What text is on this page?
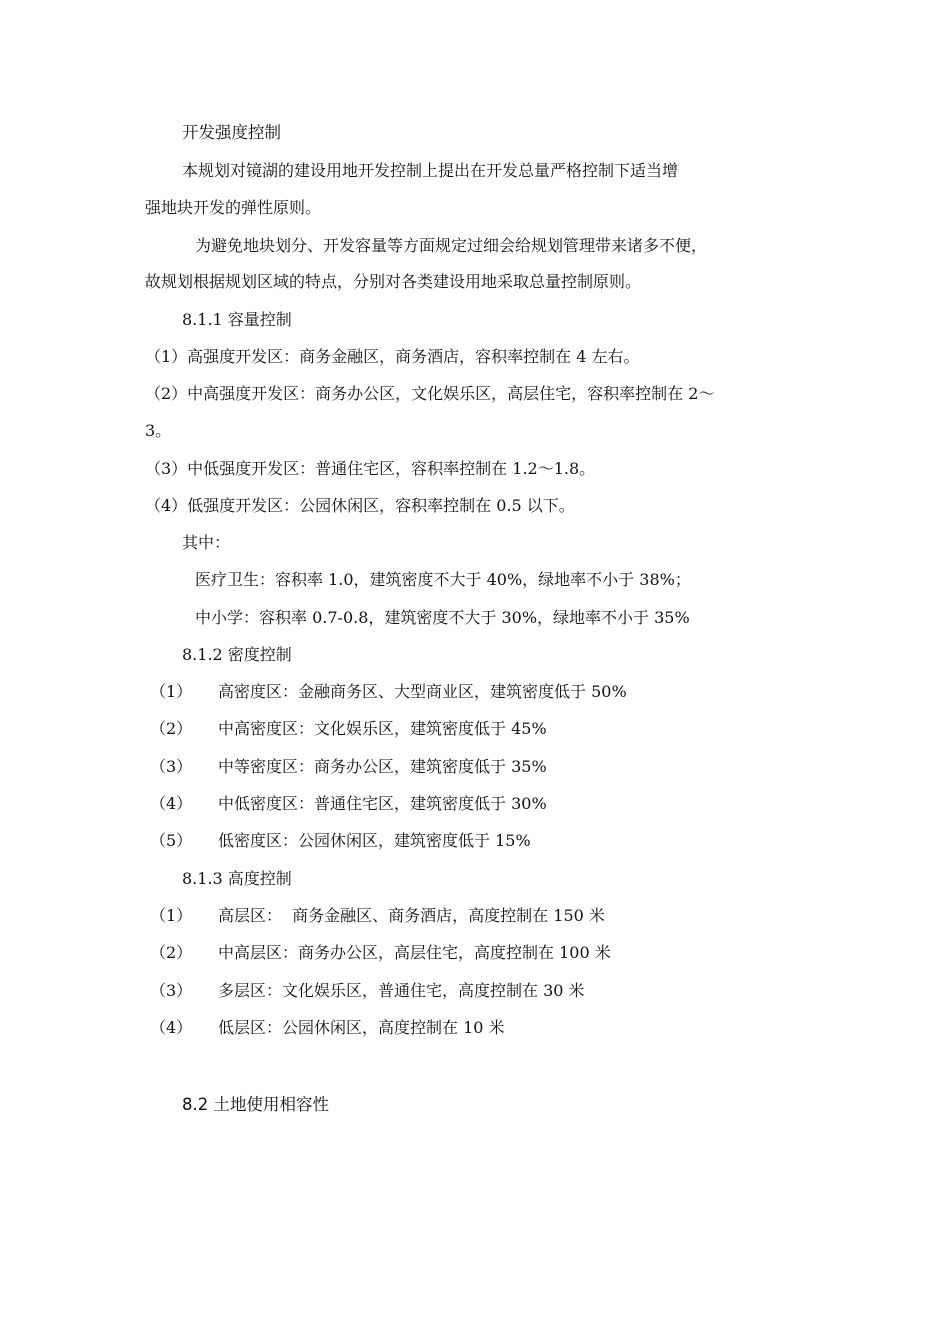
开发强度控制
本规划对镜湖的建设用地开发控制上提出在开发总量严格控制下适当增
强地块开发的弹性原则。
为避免地块划分、开发容量等方面规定过细会给规划管理带来诸多不便，
故规划根据规划区域的特点，分别对各类建设用地采取总量控制原则。
8.1.1 容量控制
（1）高强度开发区：商务金融区，商务酒店，容积率控制在 4 左右。
（2）中高强度开发区：商务办公区，文化娱乐区，高层住宅，容积率控制在 2～
3。
（3）中低强度开发区：普通住宅区，容积率控制在 1.2～1.8。
（4）低强度开发区：公园休闲区，容积率控制在 0.5 以下。
其中：
医疗卫生：容积率 1.0，建筑密度不大于 40%，绿地率不小于 38%；
中小学：容积率 0.7-0.8，建筑密度不大于 30%，绿地率不小于 35%
8.1.2 密度控制
（1） 高密度区：金融商务区、大型商业区，建筑密度低于 50%
（2） 中高密度区：文化娱乐区，建筑密度低于 45%
（3） 中等密度区：商务办公区，建筑密度低于 35%
（4） 中低密度区：普通住宅区，建筑密度低于 30%
（5） 低密度区：公园休闲区，建筑密度低于 15%
8.1.3 高度控制
（1） 高层区：  商务金融区、商务酒店，高度控制在 150 米
（2） 中高层区：商务办公区，高层住宅，高度控制在 100 米
（3） 多层区：文化娱乐区，普通住宅，高度控制在 30 米
（4） 低层区：公园休闲区，高度控制在 10 米
8.2 土地使用相容性
